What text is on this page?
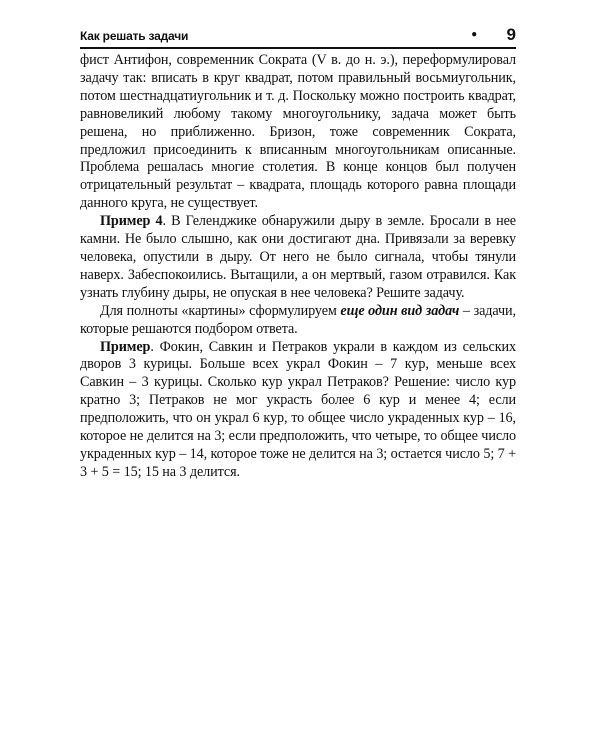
Как решать задачи	• 9

фист Антифон, современник Сократа (V в. до н. э.), переформулировал задачу так: вписать в круг квадрат, потом правильный восьмиугольник, потом шестнадцатиугольник и т. д. Поскольку можно построить квадрат, равновеликий любому такому многоугольнику, задача может быть решена, но приближенно. Бризон, тоже современник Сократа, предложил присоединить к вписанным многоугольникам описанные. Проблема решалась многие столетия. В конце концов был получен отрицательный результат – квадрата, площадь которого равна площади данного круга, не существует.

Пример 4. В Геленджике обнаружили дыру в земле. Бросали в нее камни. Не было слышно, как они достигают дна. Привязали за веревку человека, опустили в дыру. От него не было сигнала, чтобы тянули наверх. Забеспокоились. Вытащили, а он мертвый, газом отравился. Как узнать глубину дыры, не опуская в нее человека? Решите задачу.

Для полноты «картины» сформулируем еще один вид задач – задачи, которые решаются подбором ответа.

Пример. Фокин, Савкин и Петраков украли в каждом из сельских дворов 3 курицы. Больше всех украл Фокин – 7 кур, меньше всех Савкин – 3 курицы. Сколько кур украл Петраков? Решение: число кур кратно 3; Петраков не мог украсть более 6 кур и менее 4; если предположить, что он украл 6 кур, то общее число украденных кур – 16, которое не делится на 3; если предположить, что четыре, то общее число украденных кур – 14, которое тоже не делится на 3; остается число 5; 7 + 3 + 5 = 15; 15 на 3 делится.
